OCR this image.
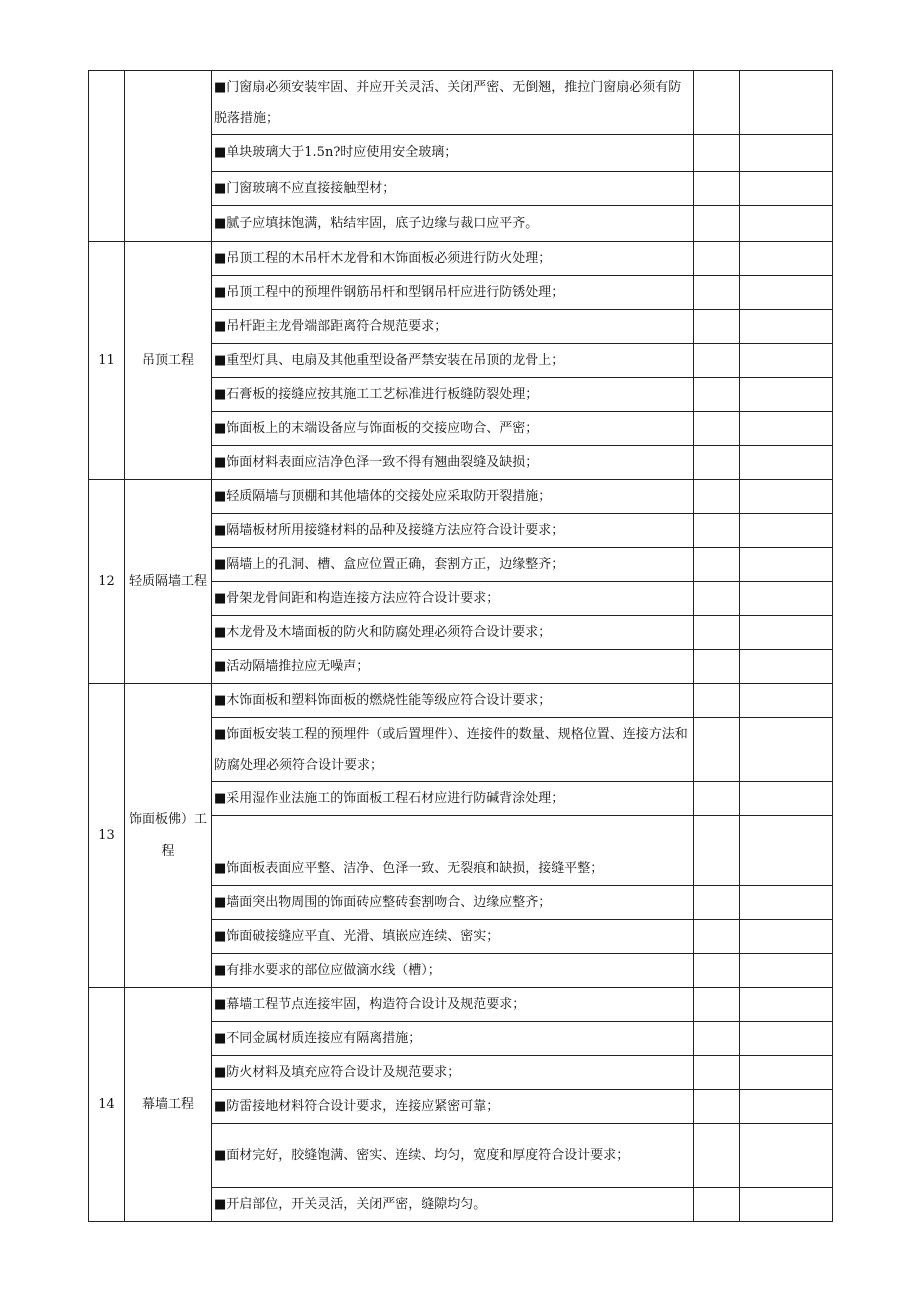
		■门窗扇必须安装牢固、并应开关灵活、关闭严密、无倒翘，推拉门窗扇必须有防脱落措施；		
		■单块玻璃大于1.5n?时应使用安全玻璃；		
		■门窗玻璃不应直接接触型材；		
		■腻子应填抹饱满，粘结牢固，底子边缘与裁口应平齐。		
11	吊顶工程	■吊顶工程的木吊杆木龙骨和木饰面板必须进行防火处理；		
		■吊顶工程中的预埋件钢筋吊杆和型钢吊杆应进行防锈处理；		
		■吊杆距主龙骨端部距离符合规范要求；		
		■重型灯具、电扇及其他重型设备严禁安装在吊顶的龙骨上；		
		■石膏板的接缝应按其施工工艺标准进行板缝防裂处理；		
		■饰面板上的末端设备应与饰面板的交接应吻合、严密；		
		■饰面材料表面应洁净色泽一致不得有翘曲裂缝及缺损；		
12	轻质隔墙工程	■轻质隔墙与顶棚和其他墙体的交接处应采取防开裂措施；		
		■隔墙板材所用接缝材料的品种及接缝方法应符合设计要求；		
		■隔墙上的孔洞、槽、盒应位置正确，套割方正，边缘整齐；		
		■骨架龙骨间距和构造连接方法应符合设计要求；		
		■木龙骨及木墙面板的防火和防腐处理必须符合设计要求；		
		■活动隔墙推拉应无噪声；		
13	饰面板佛）工程	■木饰面板和塑料饰面板的燃烧性能等级应符合设计要求；		
		■饰面板安装工程的预埋件（或后置埋件）、连接件的数量、规格位置、连接方法和防腐处理必须符合设计要求；		
		■采用湿作业法施工的饰面板工程石材应进行防碱背涂处理；		
		■饰面板表面应平整、洁净、色泽一致、无裂痕和缺损，接缝平整；		
		■墙面突出物周围的饰面砖应整砖套割吻合、边缘应整齐；		
		■饰面破接缝应平直、光滑、填嵌应连续、密实；		
		■有排水要求的部位应做滴水线（槽）；		
14	幕墙工程	■幕墙工程节点连接牢固，构造符合设计及规范要求；		
		■不同金属材质连接应有隔离措施；		
		■防火材料及填充应符合设计及规范要求；		
		■防雷接地材料符合设计要求，连接应紧密可靠；		
		■面材完好，胶缝饱满、密实、连续、均匀，宽度和厚度符合设计要求；		
		■开启部位，开关灵活，关闭严密，缝隙均匀。		
